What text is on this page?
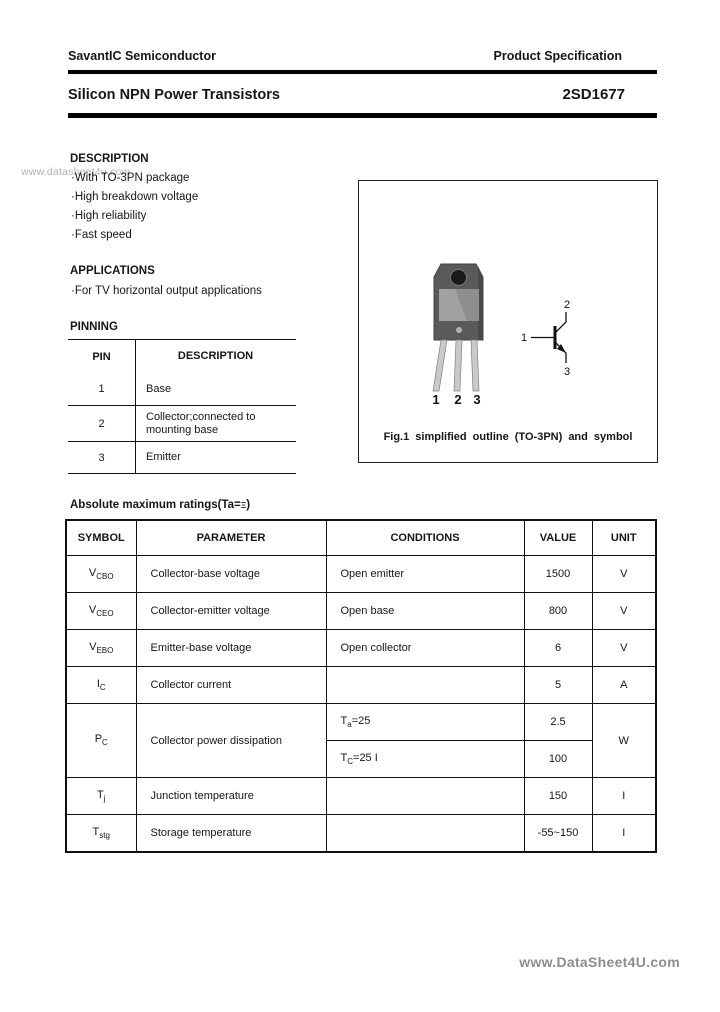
www.datasheet4u.com
SavantIC Semiconductor	Product Specification
Silicon NPN Power Transistors	2SD1677
DESCRIPTION
·With TO-3PN package
·High breakdown voltage
·High reliability
·Fast speed
APPLICATIONS
·For TV horizontal output applications
PINNING
PIN	DESCRIPTION
1	Base
2	Collector;connected to mounting base
3	Emitter
1 2 3
1
2
3
Fig.1 simplified outline (TO-3PN) and symbol
Absolute maximum ratings(Ta=Ξ)
SYMBOL	PARAMETER	CONDITIONS	VALUE	UNIT
$V_{CBO}$	Collector-base voltage	Open emitter	1500	V
$V_{CEO}$	Collector-emitter voltage	Open base	800	V
$V_{EBO}$	Emitter-base voltage	Open collector	6	V
$I_C$	Collector current		5	A
$P_C$	Collector power dissipation	$T_a=25$	2.5	W
		$T_C=25$ I	100	
$T_j$	Junction temperature		150	I
$T_{stg}$	Storage temperature		-55~150	I
www.DataSheet4U.com
